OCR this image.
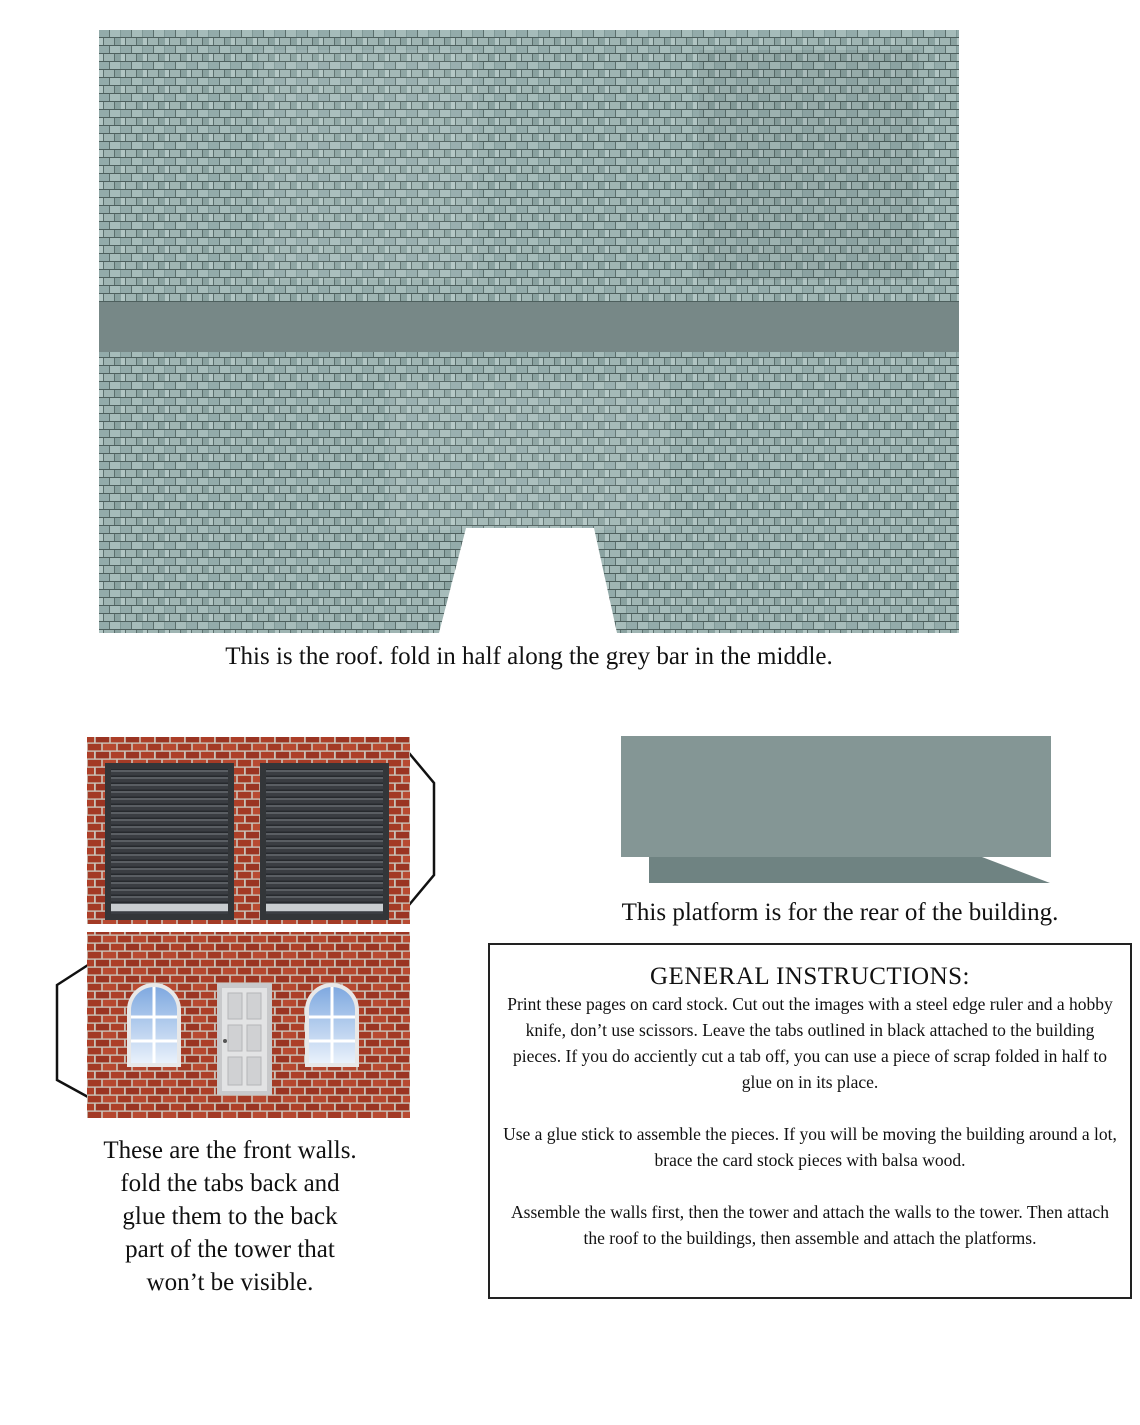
This is the roof. fold in half along the grey bar in the middle.
These are the front walls.
fold the tabs back and
glue them to the back
part of the tower that
won’t be visible.
This platform is for the rear of the building.
GENERAL INSTRUCTIONS:

Print these pages on card stock. Cut out the images with a steel edge ruler and a hobby knife, don’t use scissors. Leave the tabs outlined in black attached to the building pieces. If you do acciently cut a tab off, you can use a piece of scrap folded in half to glue on in its place.

Use a glue stick to assemble the pieces. If you will be moving the building around a lot, brace the card stock pieces with balsa wood.

Assemble the walls first, then the tower and attach the walls to the tower. Then attach the roof to the buildings, then assemble and attach the platforms.
